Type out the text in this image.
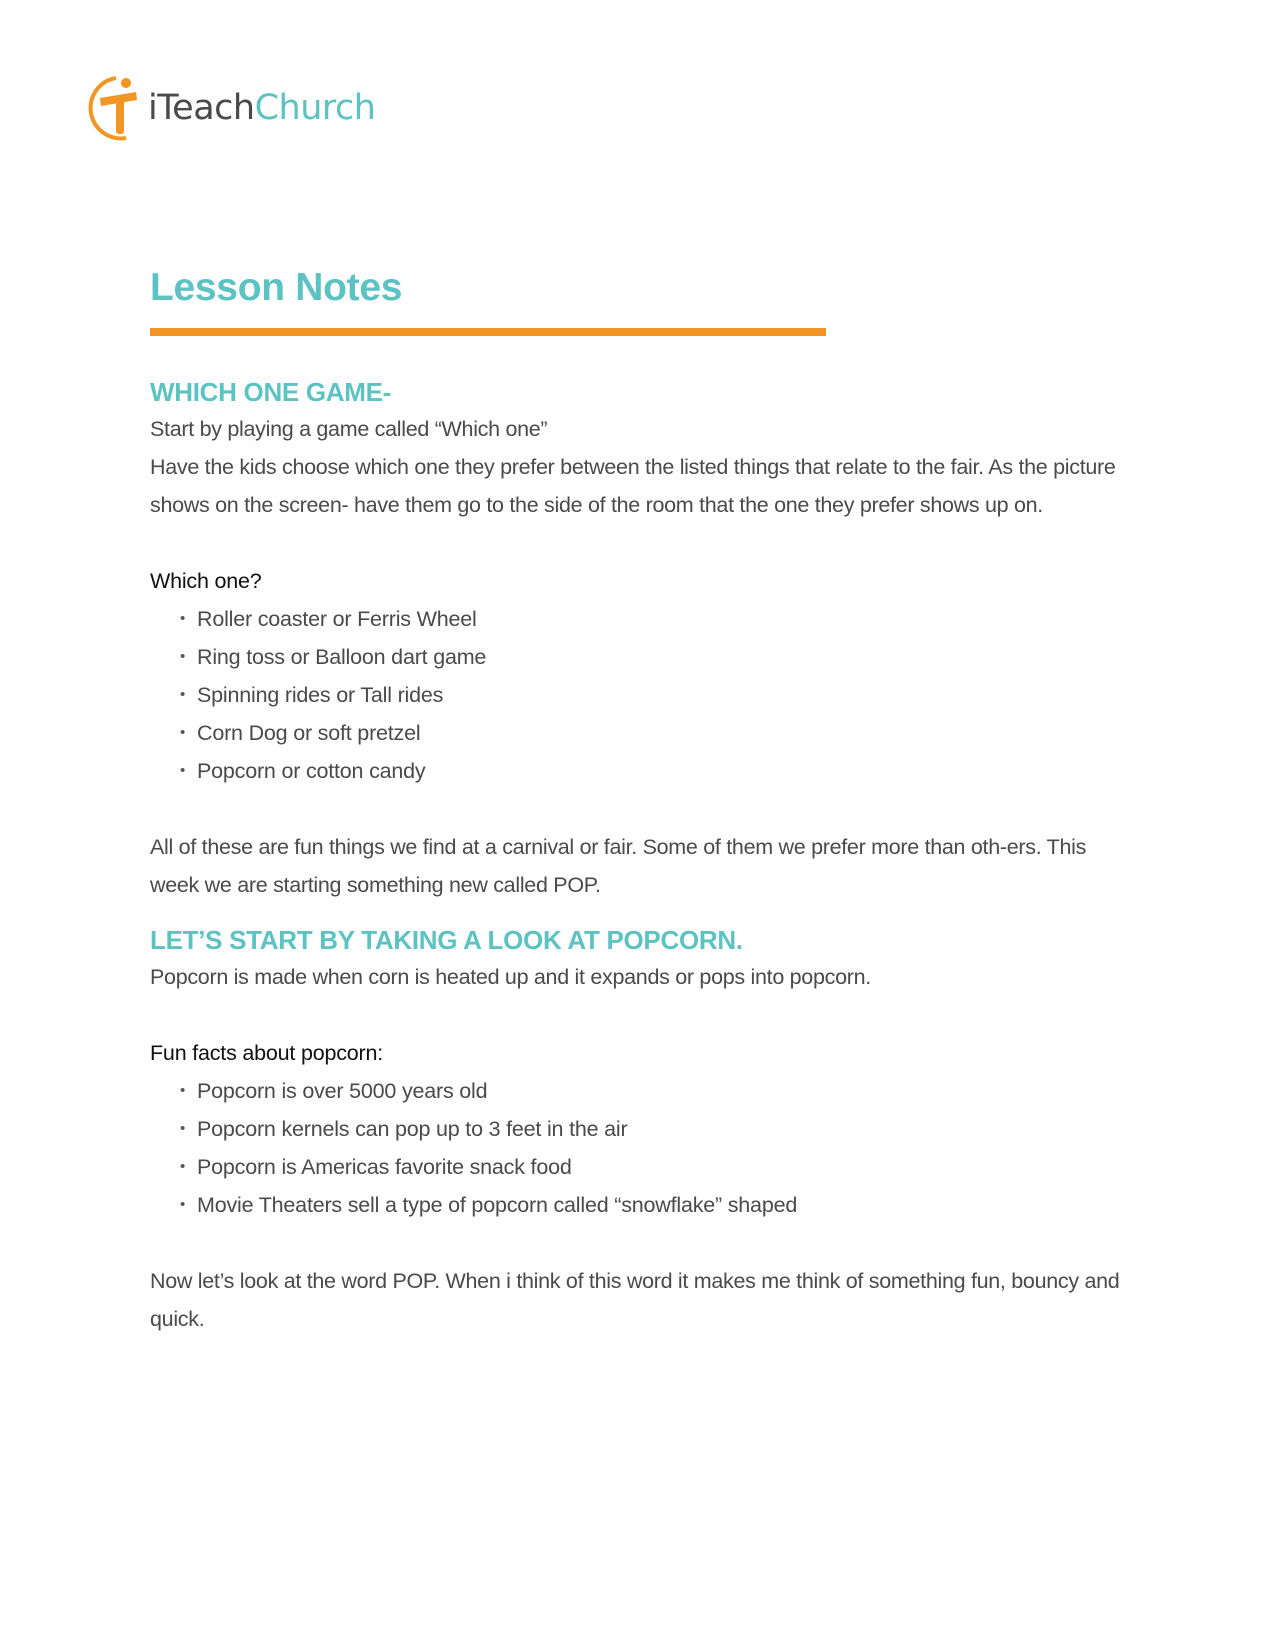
iTeachChurch
Lesson Notes
WHICH ONE GAME-

Start by playing a game called “Which one”

Have the kids choose which one they prefer between the listed things that relate to the fair. As the picture shows on the screen- have them go to the side of the room that the one they prefer shows up on.

Which one?

• Roller coaster or Ferris Wheel
• Ring toss or Balloon dart game
• Spinning rides or Tall rides
• Corn Dog or soft pretzel
• Popcorn or cotton candy

All of these are fun things we find at a carnival or fair. Some of them we prefer more than oth-ers. This week we are starting something new called POP.

LET’S START BY TAKING A LOOK AT POPCORN.

Popcorn is made when corn is heated up and it expands or pops into popcorn.

Fun facts about popcorn:

• Popcorn is over 5000 years old
• Popcorn kernels can pop up to 3 feet in the air
• Popcorn is Americas favorite snack food
• Movie Theaters sell a type of popcorn called “snowflake” shaped

Now let’s look at the word POP. When i think of this word it makes me think of something fun, bouncy and quick.
